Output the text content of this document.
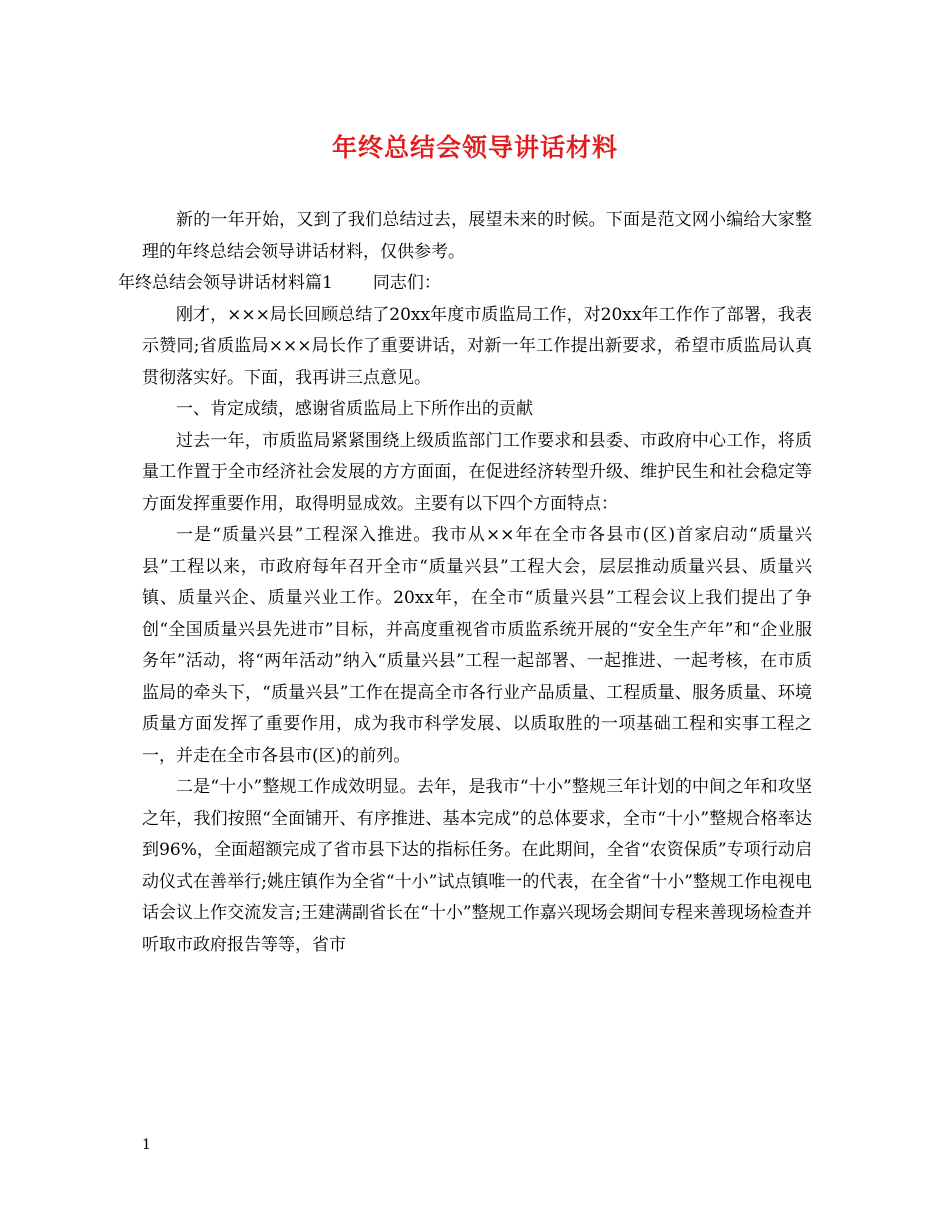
年终总结会领导讲话材料

新的一年开始，又到了我们总结过去，展望未来的时候。下面是范文网小编给大家整理的年终总结会领导讲话材料，仅供参考。

年终总结会领导讲话材料篇1 同志们：

刚才，×××局长回顾总结了20xx年度市质监局工作，对20xx年工作作了部署，我表示赞同;省质监局×××局长作了重要讲话，对新一年工作提出新要求，希望市质监局认真贯彻落实好。下面，我再讲三点意见。

一、肯定成绩，感谢省质监局上下所作出的贡献

过去一年，市质监局紧紧围绕上级质监部门工作要求和县委、市政府中心工作，将质量工作置于全市经济社会发展的方方面面，在促进经济转型升级、维护民生和社会稳定等方面发挥重要作用，取得明显成效。主要有以下四个方面特点：

一是“质量兴县”工程深入推进。我市从××年在全市各县市(区)首家启动“质量兴县”工程以来，市政府每年召开全市“质量兴县”工程大会，层层推动质量兴县、质量兴镇、质量兴企、质量兴业工作。20xx年，在全市“质量兴县”工程会议上我们提出了争创“全国质量兴县先进市”目标，并高度重视省市质监系统开展的“安全生产年”和“企业服务年”活动，将“两年活动”纳入“质量兴县”工程一起部署、一起推进、一起考核，在市质监局的牵头下，“质量兴县”工作在提高全市各行业产品质量、工程质量、服务质量、环境质量方面发挥了重要作用，成为我市科学发展、以质取胜的一项基础工程和实事工程之一，并走在全市各县市(区)的前列。

二是“十小”整规工作成效明显。去年，是我市“十小”整规三年计划的中间之年和攻坚之年，我们按照“全面铺开、有序推进、基本完成”的总体要求，全市“十小”整规合格率达到96%，全面超额完成了省市县下达的指标任务。在此期间，全省“农资保质”专项行动启动仪式在善举行;姚庄镇作为全省“十小”试点镇唯一的代表，在全省“十小”整规工作电视电话会议上作交流发言;王建满副省长在“十小”整规工作嘉兴现场会期间专程来善现场检查并听取市政府报告等等，省市

1
